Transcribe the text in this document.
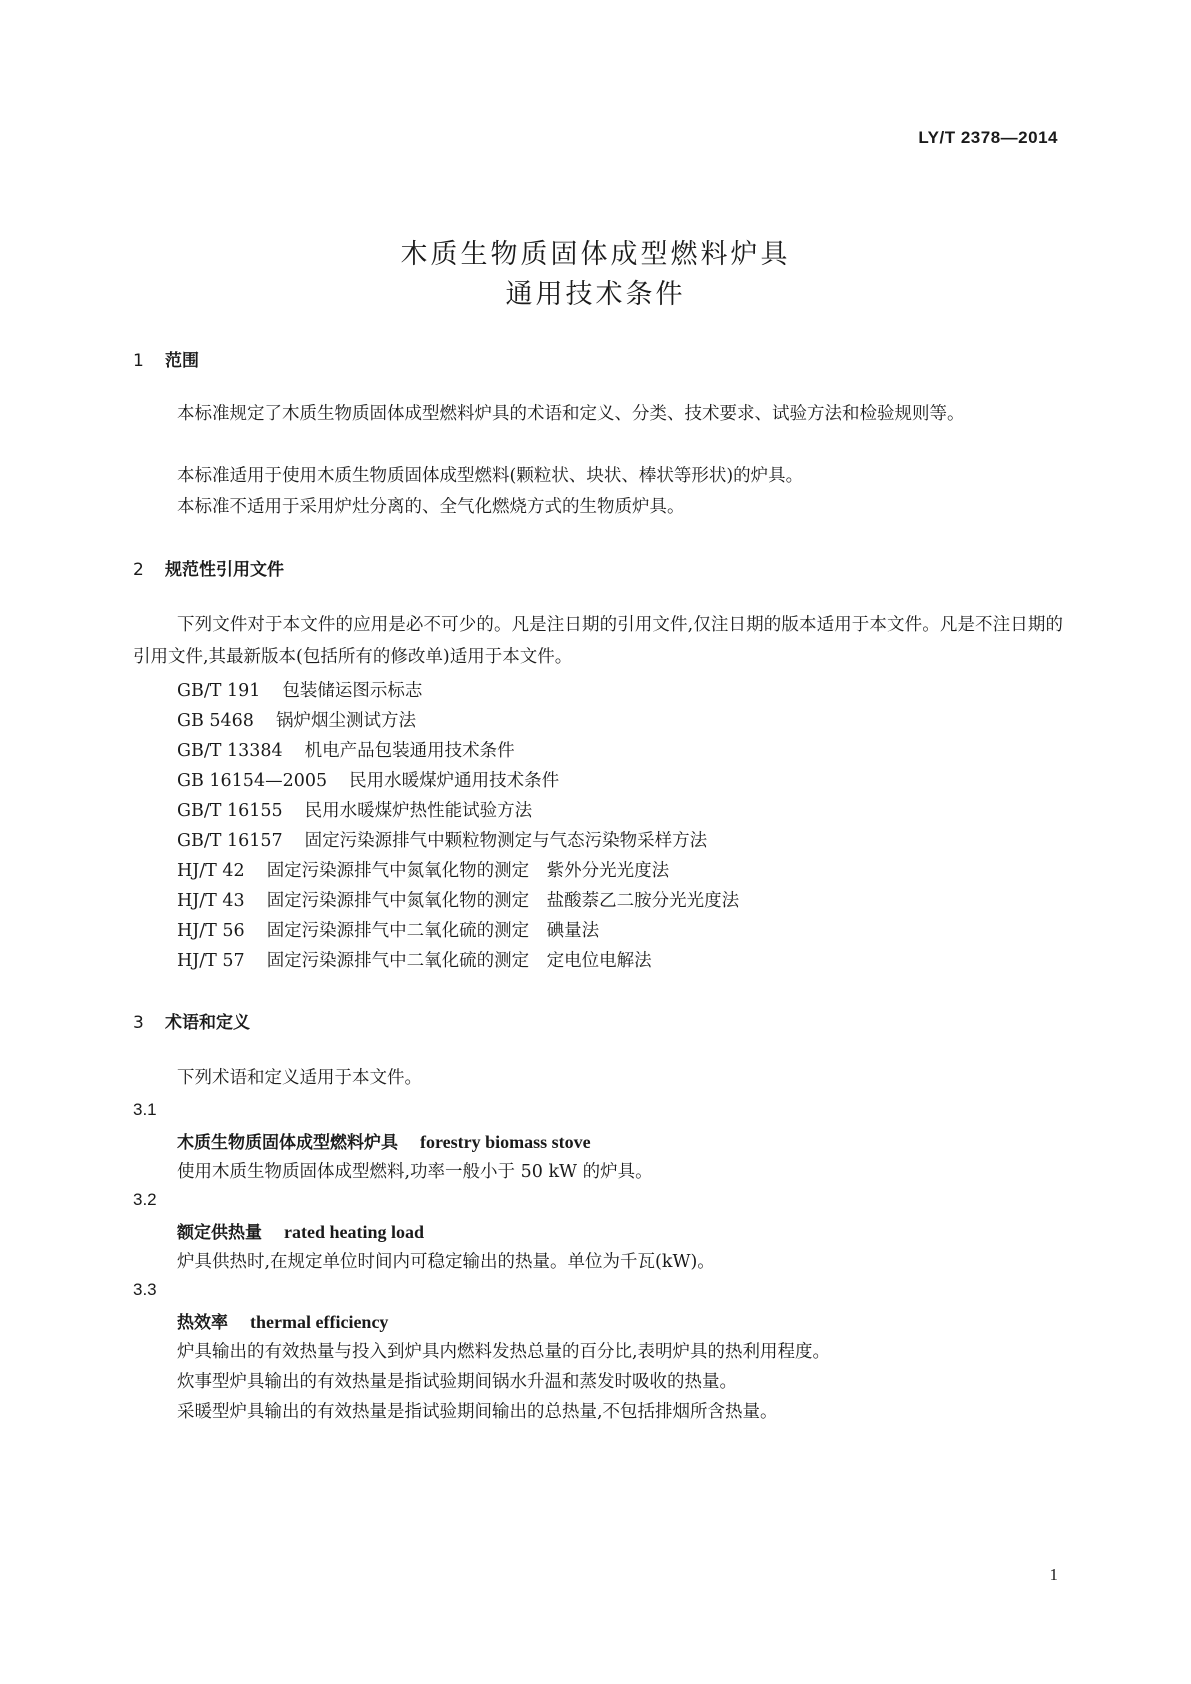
LY/T 2378—2014
木质生物质固体成型燃料炉具
通用技术条件
1 范围
本标准规定了木质生物质固体成型燃料炉具的术语和定义、分类、技术要求、试验方法和检验规则等。
本标准适用于使用木质生物质固体成型燃料(颗粒状、块状、棒状等形状)的炉具。
本标准不适用于采用炉灶分离的、全气化燃烧方式的生物质炉具。
2 规范性引用文件
下列文件对于本文件的应用是必不可少的。凡是注日期的引用文件,仅注日期的版本适用于本文件。凡是不注日期的引用文件,其最新版本(包括所有的修改单)适用于本文件。
GB/T 191 包装储运图示标志
GB 5468 锅炉烟尘测试方法
GB/T 13384 机电产品包装通用技术条件
GB 16154—2005 民用水暖煤炉通用技术条件
GB/T 16155 民用水暖煤炉热性能试验方法
GB/T 16157 固定污染源排气中颗粒物测定与气态污染物采样方法
HJ/T 42 固定污染源排气中氮氧化物的测定　紫外分光光度法
HJ/T 43 固定污染源排气中氮氧化物的测定　盐酸萘乙二胺分光光度法
HJ/T 56 固定污染源排气中二氧化硫的测定　碘量法
HJ/T 57 固定污染源排气中二氧化硫的测定　定电位电解法
3 术语和定义
下列术语和定义适用于本文件。
3.1
木质生物质固体成型燃料炉具 forestry biomass stove
使用木质生物质固体成型燃料,功率一般小于 50 kW 的炉具。
3.2
额定供热量 rated heating load
炉具供热时,在规定单位时间内可稳定输出的热量。单位为千瓦(kW)。
3.3
热效率 thermal efficiency
炉具输出的有效热量与投入到炉具内燃料发热总量的百分比,表明炉具的热利用程度。
炊事型炉具输出的有效热量是指试验期间锅水升温和蒸发时吸收的热量。
采暖型炉具输出的有效热量是指试验期间输出的总热量,不包括排烟所含热量。
1
